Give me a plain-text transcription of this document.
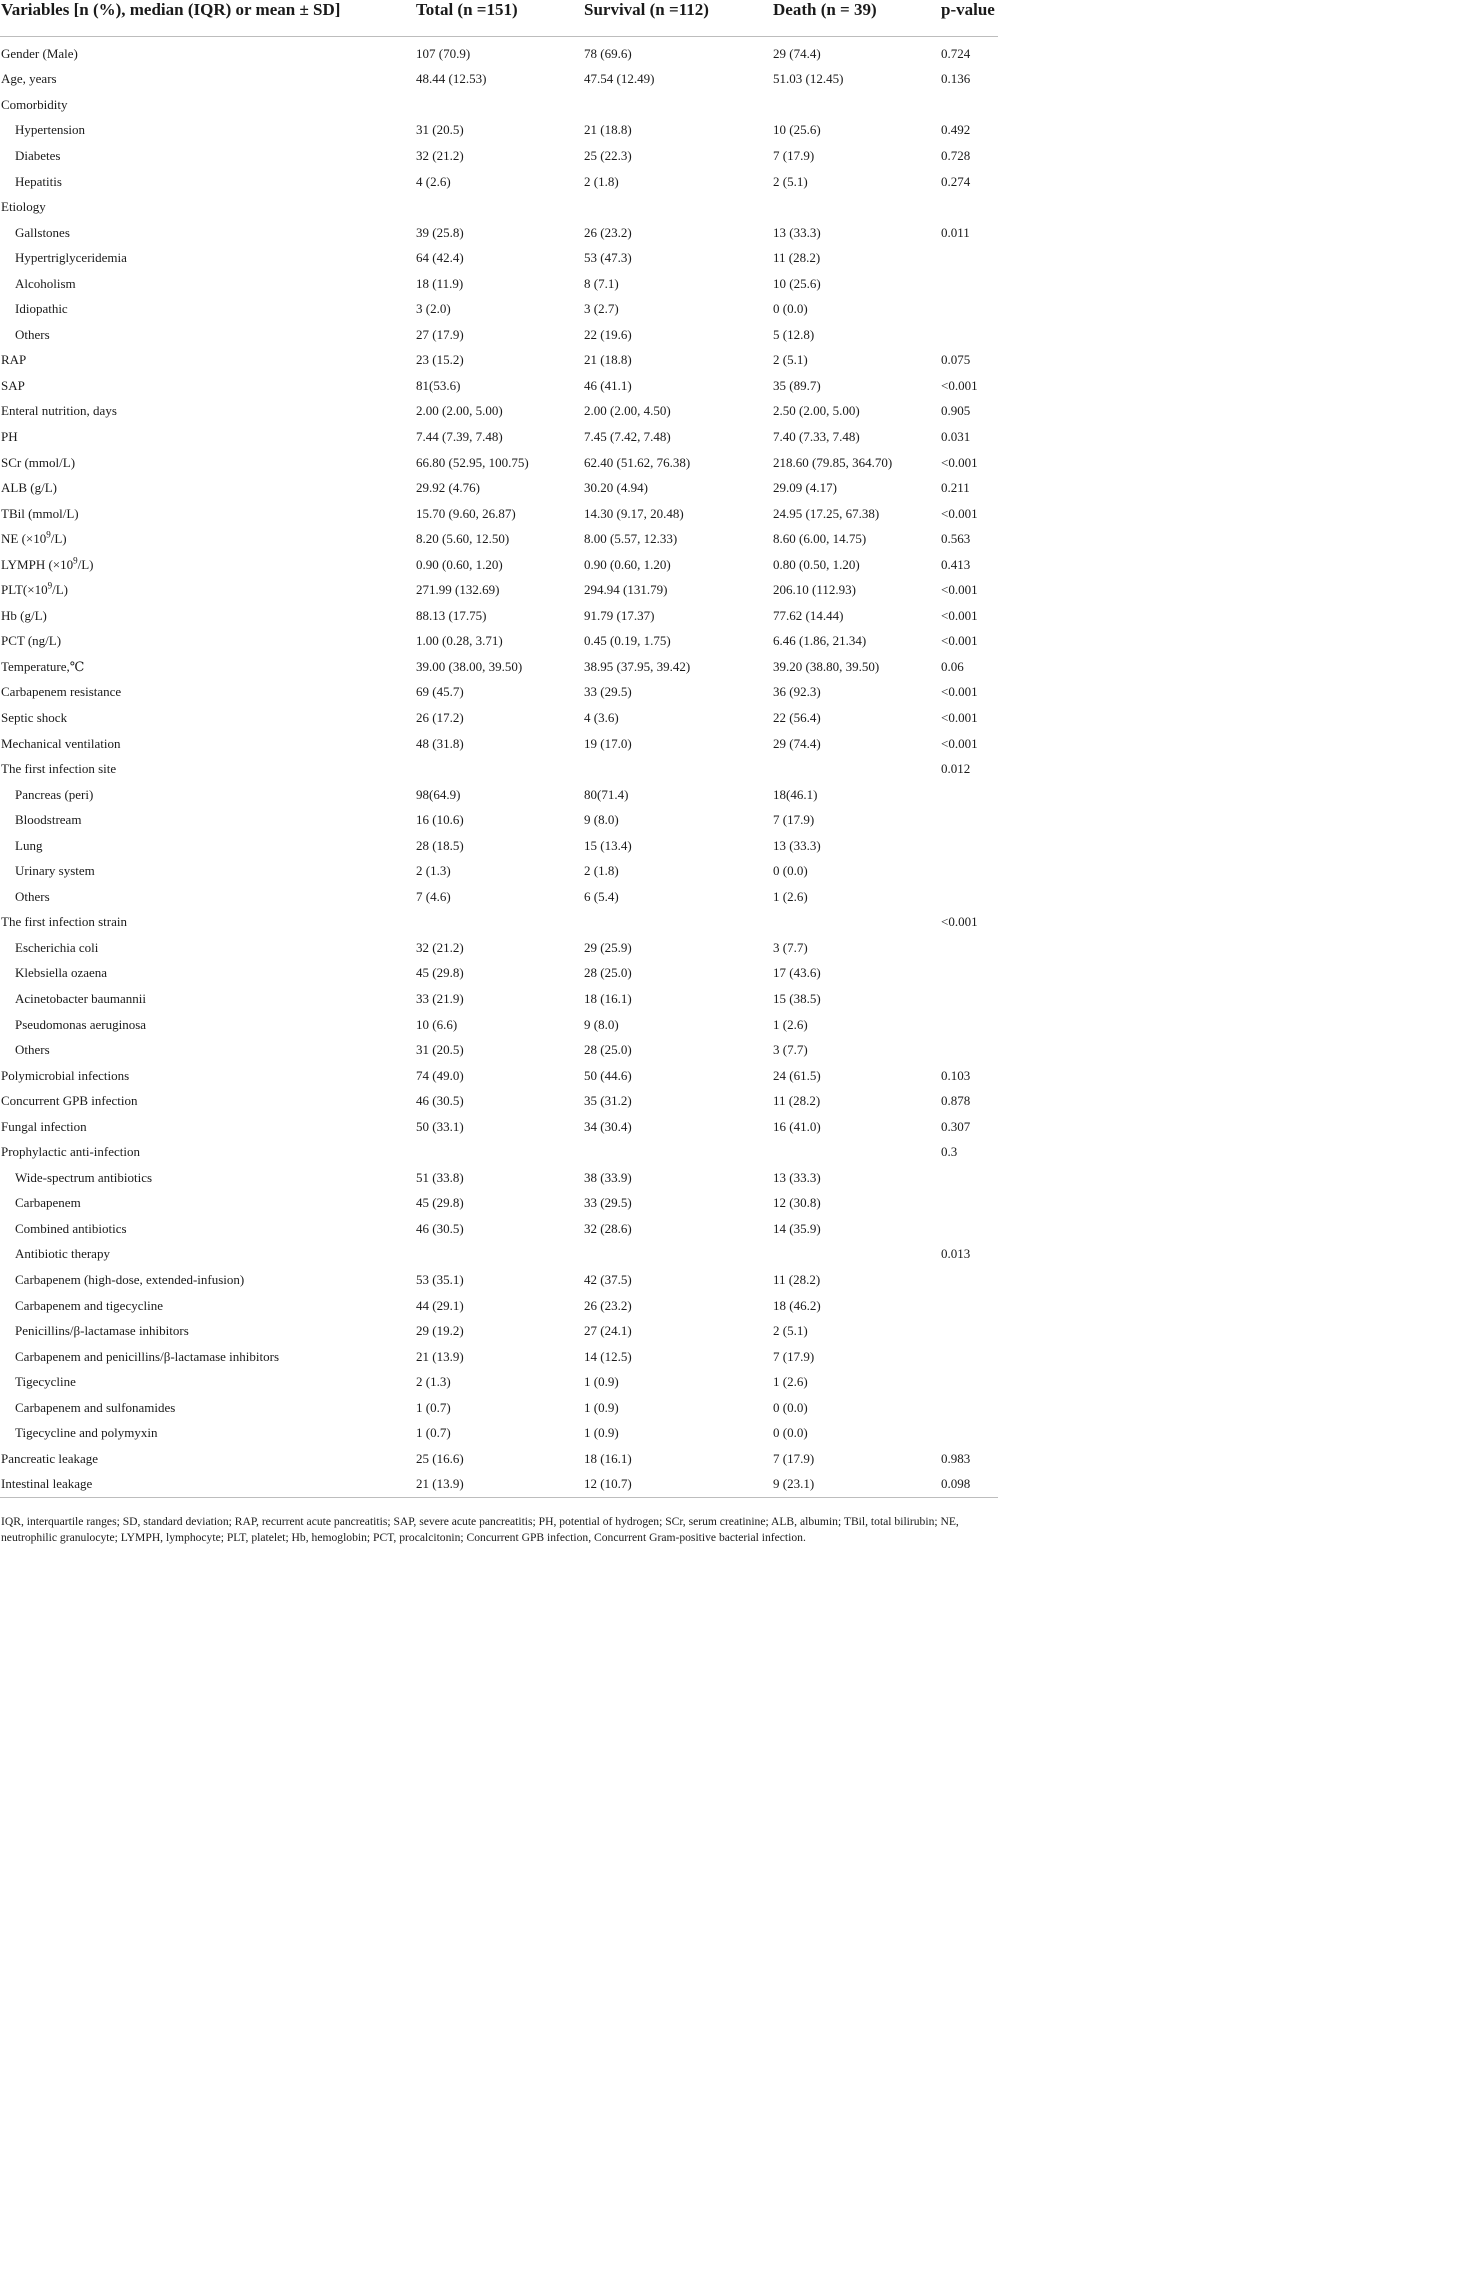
Variables [n (%), median (IQR) or mean ± SD]	Total (n =151)	Survival (n =112)	Death (n = 39)	p-value
Gender (Male)	107 (70.9)	78 (69.6)	29 (74.4)	0.724
Age, years	48.44 (12.53)	47.54 (12.49)	51.03 (12.45)	0.136
Comorbidity				
Hypertension	31 (20.5)	21 (18.8)	10 (25.6)	0.492
Diabetes	32 (21.2)	25 (22.3)	7 (17.9)	0.728
Hepatitis	4 (2.6)	2 (1.8)	2 (5.1)	0.274
Etiology				
Gallstones	39 (25.8)	26 (23.2)	13 (33.3)	0.011
Hypertriglyceridemia	64 (42.4)	53 (47.3)	11 (28.2)	
Alcoholism	18 (11.9)	8 (7.1)	10 (25.6)	
Idiopathic	3 (2.0)	3 (2.7)	0 (0.0)	
Others	27 (17.9)	22 (19.6)	5 (12.8)	
RAP	23 (15.2)	21 (18.8)	2 (5.1)	0.075
SAP	81(53.6)	46 (41.1)	35 (89.7)	<0.001
Enteral nutrition, days	2.00 (2.00, 5.00)	2.00 (2.00, 4.50)	2.50 (2.00, 5.00)	0.905
PH	7.44 (7.39, 7.48)	7.45 (7.42, 7.48)	7.40 (7.33, 7.48)	0.031
SCr (mmol/L)	66.80 (52.95, 100.75)	62.40 (51.62, 76.38)	218.60 (79.85, 364.70)	<0.001
ALB (g/L)	29.92 (4.76)	30.20 (4.94)	29.09 (4.17)	0.211
TBil (mmol/L)	15.70 (9.60, 26.87)	14.30 (9.17, 20.48)	24.95 (17.25, 67.38)	<0.001
NE $(\times 10^9/L)$	8.20 (5.60, 12.50)	8.00 (5.57, 12.33)	8.60 (6.00, 14.75)	0.563
LYMPH $(\times 10^9/L)$	0.90 (0.60, 1.20)	0.90 (0.60, 1.20)	0.80 (0.50, 1.20)	0.413
$PLT(\times 10^9/L)$	271.99 (132.69)	294.94 (131.79)	206.10 (112.93)	<0.001
Hb (g/L)	88.13 (17.75)	91.79 (17.37)	77.62 (14.44)	<0.001
PCT (ng/L)	1.00 (0.28, 3.71)	0.45 (0.19, 1.75)	6.46 (1.86, 21.34)	<0.001
Temperature,℃	39.00 (38.00, 39.50)	38.95 (37.95, 39.42)	39.20 (38.80, 39.50)	0.06
Carbapenem resistance	69 (45.7)	33 (29.5)	36 (92.3)	<0.001
Septic shock	26 (17.2)	4 (3.6)	22 (56.4)	<0.001
Mechanical ventilation	48 (31.8)	19 (17.0)	29 (74.4)	<0.001
The first infection site				0.012
Pancreas (peri)	98(64.9)	80(71.4)	18(46.1)	
Bloodstream	16 (10.6)	9 (8.0)	7 (17.9)	
Lung	28 (18.5)	15 (13.4)	13 (33.3)	
Urinary system	2 (1.3)	2 (1.8)	0 (0.0)	
Others	7 (4.6)	6 (5.4)	1 (2.6)	
The first infection strain				<0.001
Escherichia coli	32 (21.2)	29 (25.9)	3 (7.7)	
Klebsiella ozaena	45 (29.8)	28 (25.0)	17 (43.6)	
Acinetobacter baumannii	33 (21.9)	18 (16.1)	15 (38.5)	
Pseudomonas aeruginosa	10 (6.6)	9 (8.0)	1 (2.6)	
Others	31 (20.5)	28 (25.0)	3 (7.7)	
Polymicrobial infections	74 (49.0)	50 (44.6)	24 (61.5)	0.103
Concurrent GPB infection	46 (30.5)	35 (31.2)	11 (28.2)	0.878
Fungal infection	50 (33.1)	34 (30.4)	16 (41.0)	0.307
Prophylactic anti-infection				0.3
Wide-spectrum antibiotics	51 (33.8)	38 (33.9)	13 (33.3)	
Carbapenem	45 (29.8)	33 (29.5)	12 (30.8)	
Combined antibiotics	46 (30.5)	32 (28.6)	14 (35.9)	
Antibiotic therapy				0.013
Carbapenem (high-dose, extended-infusion)	53 (35.1)	42 (37.5)	11 (28.2)	
Carbapenem and tigecycline	44 (29.1)	26 (23.2)	18 (46.2)	
Penicillins/β-lactamase inhibitors	29 (19.2)	27 (24.1)	2 (5.1)	
Carbapenem and penicillins/β-lactamase inhibitors	21 (13.9)	14 (12.5)	7 (17.9)	
Tigecycline	2 (1.3)	1 (0.9)	1 (2.6)	
Carbapenem and sulfonamides	1 (0.7)	1 (0.9)	0 (0.0)	
Tigecycline and polymyxin	1 (0.7)	1 (0.9)	0 (0.0)	
Pancreatic leakage	25 (16.6)	18 (16.1)	7 (17.9)	0.983
Intestinal leakage	21 (13.9)	12 (10.7)	9 (23.1)	0.098
IQR, interquartile ranges; SD, standard deviation; RAP, recurrent acute pancreatitis; SAP, severe acute pancreatitis; PH, potential of hydrogen; SCr, serum creatinine; ALB, albumin; TBil, total bilirubin; NE, neutrophilic granulocyte; LYMPH, lymphocyte; PLT, platelet; Hb, hemoglobin; PCT, procalcitonin; Concurrent GPB infection, Concurrent Gram-positive bacterial infection.
